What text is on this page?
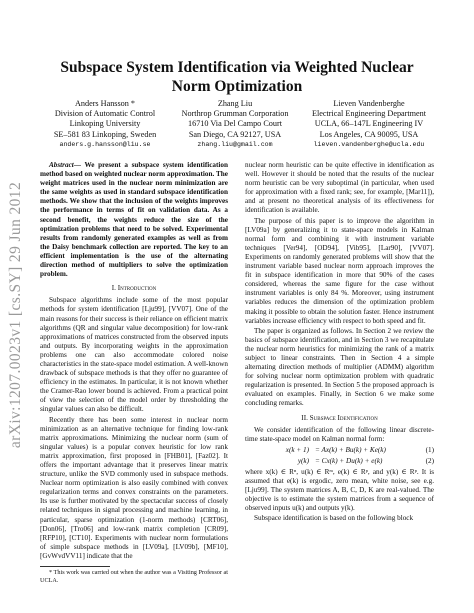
arXiv:1207.0023v1 [cs.SY] 29 Jun 2012
Subspace System Identification via Weighted Nuclear Norm Optimization
Anders Hansson *
Division of Automatic Control
Linkoping University
SE–581 83 Linkoping, Sweden
anders.g.hansson@liu.se
Zhang Liu
Northrop Grumman Corporation
16710 Via Del Campo Court
San Diego, CA 92127, USA
zhang.liu@gmail.com
Lieven Vandenberghe
Electrical Engineering Department
UCLA, 66–147L Engineering IV
Los Angeles, CA 90095, USA
lieven.vandenberghe@ucla.edu

Abstract— We present a subspace system identification method based on weighted nuclear norm approximation. The weight matrices used in the nuclear norm minimization are the same weights as used in standard subspace identification methods. We show that the inclusion of the weights improves the performance in terms of fit on validation data. As a second benefit, the weights reduce the size of the optimization problems that need to be solved. Experimental results from randomly generated examples as well as from the Daisy benchmark collection are reported. The key to an efficient implementation is the use of the alternating direction method of multipliers to solve the optimization problem.

I. Introduction

Subspace algorithms include some of the most popular methods for system identification [Lju99], [VV07]. One of the main reasons for their success is their reliance on efficient matrix algorithms (QR and singular value decomposition) for low-rank approximations of matrices constructed from the observed inputs and outputs. By incorporating weights in the approximation problems one can also accommodate colored noise characteristics in the state-space model estimation. A well-known drawback of subspace methods is that they offer no guarantee of efficiency in the estimates. In particular, it is not known whether the Cramer-Rao lower bound is achieved. From a practical point of view the selection of the model order by thresholding the singular values can also be difficult.

Recently there has been some interest in nuclear norm minimization as an alternative technique for finding low-rank matrix approximations. Minimizing the nuclear norm (sum of singular values) is a popular convex heuristic for low rank matrix approximation, first proposed in [FHB01], [Faz02]. It offers the important advantage that it preserves linear matrix structure, unlike the SVD commonly used in subspace methods. Nuclear norm optimization is also easily combined with convex regularization terms and convex constraints on the parameters. Its use is further motivated by the spectacular success of closely related techniques in signal processing and machine learning, in particular, sparse optimization (1-norm methods) [CRT06], [Don06], [Tro06] and low-rank matrix completion [CR09], [RFP10], [CT10]. Experiments with nuclear norm formulations of simple subspace methods in [LV09a], [LV09b], [MF10], [GvWvdVV11] indicate that the

* This work was carried out when the author was a Visiting Professor at UCLA.

nuclear norm heuristic can be quite effective in identification as well. However it should be noted that the results of the nuclear norm heuristic can be very suboptimal (in particular, when used for approximation with a fixed rank; see, for example, [Mar11]), and at present no theoretical analysis of its effectiveness for identification is available.

The purpose of this paper is to improve the algorithm in [LV09a] by generalizing it to state-space models in Kalman normal form and combining it with instrument variable techniques [Ver94], [OD94], [Vib95], [Lar90], [VV07]. Experiments on randomly generated problems will show that the instrument variable based nuclear norm approach improves the fit in subspace identification in more that 90% of the cases considered, whereas the same figure for the case without instrument variables is only 84 %. Moreover, using instrument variables reduces the dimension of the optimization problem making it possible to obtain the solution faster. Hence instrument variables increase efficiency with respect to both speed and fit.

The paper is organized as follows. In Section 2 we review the basics of subspace identification, and in Section 3 we recapitulate the nuclear norm heuristics for minimizing the rank of a matrix subject to linear constraints. Then in Section 4 a simple alternating direction methods of multiplier (ADMM) algorithm for solving nuclear norm optimization problem with quadratic regularization is presented. In Section 5 the proposed approach is evaluated on examples. Finally, in Section 6 we make some concluding remarks.

II. Subspace Identification

We consider identification of the following linear discrete-time state-space model on Kalman normal form:

x(k + 1) = Ax(k) + Bu(k) + Ke(k)	(1)
y(k) = Cx(k) + Du(k) + e(k)	(2)

where x(k) ∈ Rⁿ, u(k) ∈ Rᵐ, e(k) ∈ Rᵖ, and y(k) ∈ Rᵖ. It is assumed that e(k) is ergodic, zero mean, white noise, see e.g. [Lju99]. The system matrices A, B, C, D, K are real-valued. The objective is to estimate the system matrices from a sequence of observed inputs u(k) and outputs y(k).

Subspace identification is based on the following block
